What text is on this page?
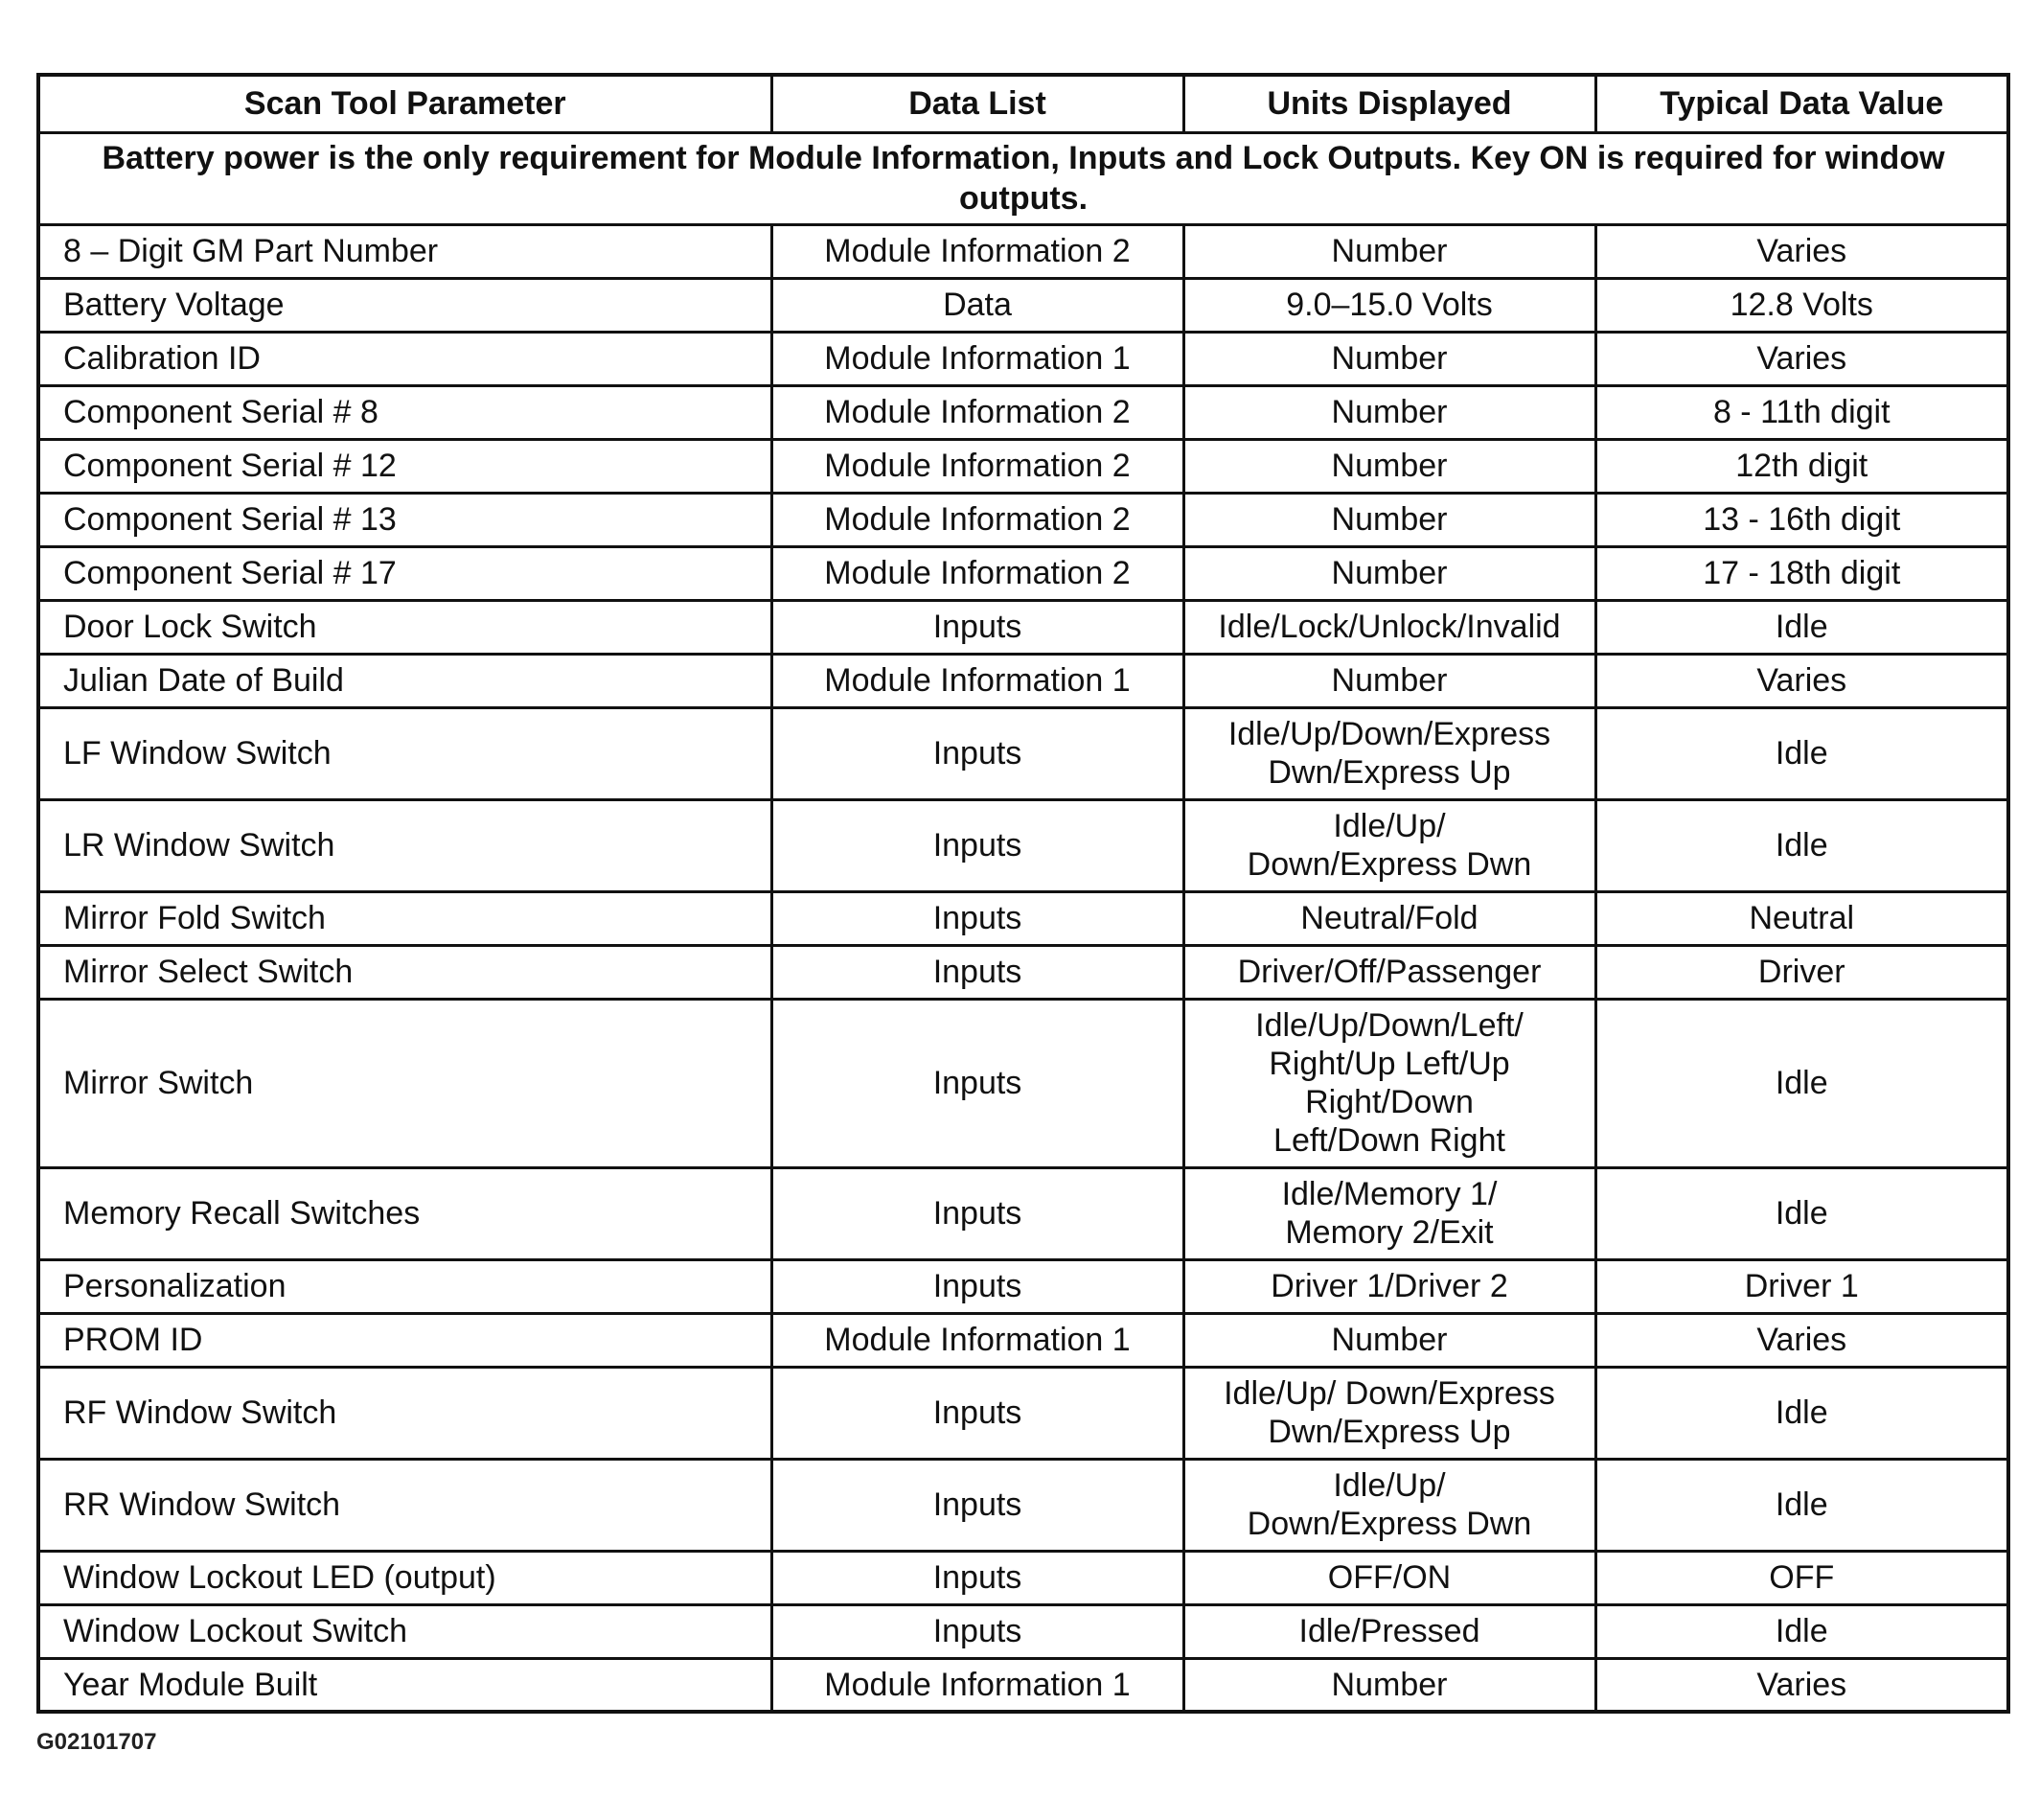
Scan Tool Parameter	Data List	Units Displayed	Typical Data Value
Battery power is the only requirement for Module Information, Inputs and Lock Outputs. Key ON is required for window outputs.			
8 – Digit GM Part Number	Module Information 2	Number	Varies
Battery Voltage	Data	9.0–15.0 Volts	12.8 Volts
Calibration ID	Module Information 1	Number	Varies
Component Serial # 8	Module Information 2	Number	8 - 11th digit
Component Serial # 12	Module Information 2	Number	12th digit
Component Serial # 13	Module Information 2	Number	13 - 16th digit
Component Serial # 17	Module Information 2	Number	17 - 18th digit
Door Lock Switch	Inputs	Idle/Lock/Unlock/Invalid	Idle
Julian Date of Build	Module Information 1	Number	Varies
LF Window Switch	Inputs	Idle/Up/Down/Express
Dwn/Express Up	Idle
LR Window Switch	Inputs	Idle/Up/
Down/Express Dwn	Idle
Mirror Fold Switch	Inputs	Neutral/Fold	Neutral
Mirror Select Switch	Inputs	Driver/Off/Passenger	Driver
Mirror Switch	Inputs	Idle/Up/Down/Left/
Right/Up Left/Up
Right/Down
Left/Down Right	Idle
Memory Recall Switches	Inputs	Idle/Memory 1/
Memory 2/Exit	Idle
Personalization	Inputs	Driver 1/Driver 2	Driver 1
PROM ID	Module Information 1	Number	Varies
RF Window Switch	Inputs	Idle/Up/ Down/Express
Dwn/Express Up	Idle
RR Window Switch	Inputs	Idle/Up/
Down/Express Dwn	Idle
Window Lockout LED (output)	Inputs	OFF/ON	OFF
Window Lockout Switch	Inputs	Idle/Pressed	Idle
Year Module Built	Module Information 1	Number	Varies
G02101707
